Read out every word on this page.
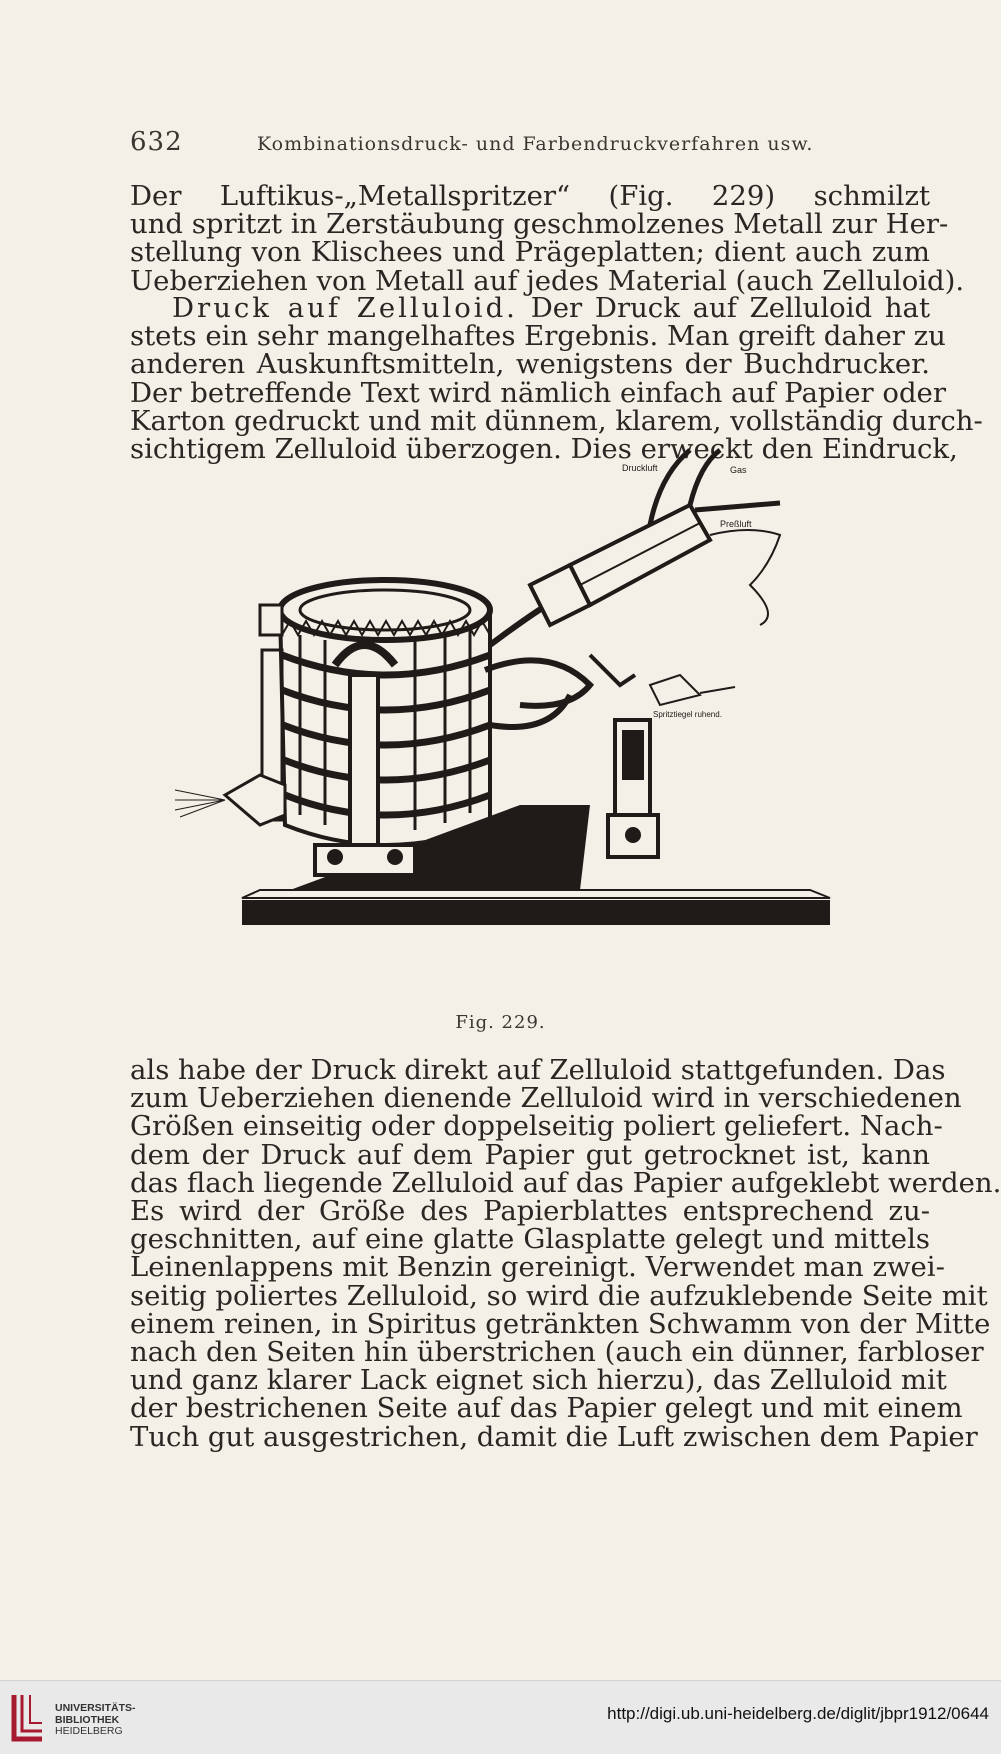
632	Kombinationsdruck- und Farbendruckverfahren usw.
Der Luftikus-„Metallspritzer“ (Fig. 229) schmilzt
und spritzt in Zerstäubung geschmolzenes Metall zur Her-
stellung von Klischees und Prägeplatten; dient auch zum
Ueberziehen von Metall auf jedes Material (auch Zelluloid).
Druck auf Zelluloid. Der Druck auf Zelluloid hat
stets ein sehr mangelhaftes Ergebnis. Man greift daher zu
anderen Auskunftsmitteln, wenigstens der Buchdrucker.
Der betreffende Text wird nämlich einfach auf Papier oder
Karton gedruckt und mit dünnem, klarem, vollständig durch-
sichtigem Zelluloid überzogen. Dies erweckt den Eindruck,
Druckluft	Gas
Preßluft
Spritztiegel ruhend.
Fig. 229.
als habe der Druck direkt auf Zelluloid stattgefunden. Das
zum Ueberziehen dienende Zelluloid wird in verschiedenen
Größen einseitig oder doppelseitig poliert geliefert. Nach-
dem der Druck auf dem Papier gut getrocknet ist, kann
das flach liegende Zelluloid auf das Papier aufgeklebt werden.
Es wird der Größe des Papierblattes entsprechend zu-
geschnitten, auf eine glatte Glasplatte gelegt und mittels
Leinenlappens mit Benzin gereinigt. Verwendet man zwei-
seitig poliertes Zelluloid, so wird die aufzuklebende Seite mit
einem reinen, in Spiritus getränkten Schwamm von der Mitte
nach den Seiten hin überstrichen (auch ein dünner, farbloser
und ganz klarer Lack eignet sich hierzu), das Zelluloid mit
der bestrichenen Seite auf das Papier gelegt und mit einem
Tuch gut ausgestrichen, damit die Luft zwischen dem Papier
UNIVERSITÄTS-
BIBLIOTHEK
HEIDELBERG
http://digi.ub.uni-heidelberg.de/diglit/jbpr1912/0644
